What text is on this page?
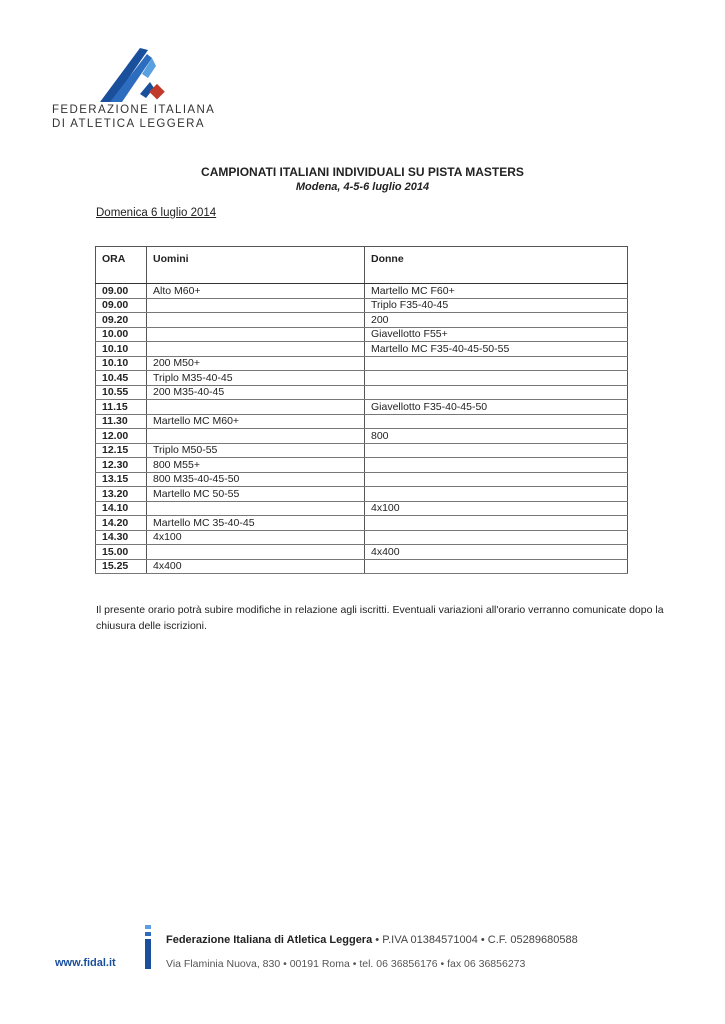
FEDERAZIONE ITALIANA
DI ATLETICA LEGGERA
CAMPIONATI ITALIANI INDIVIDUALI SU PISTA MASTERS
Modena, 4-5-6 luglio 2014
Domenica 6 luglio 2014
ORA	Uomini	Donne
09.00	Alto M60+	Martello MC F60+
09.00		Triplo F35-40-45
09.20		200
10.00		Giavellotto F55+
10.10		Martello MC F35-40-45-50-55
10.10	200 M50+	
10.45	Triplo M35-40-45	
10.55	200 M35-40-45	
11.15		Giavellotto F35-40-45-50
11.30	Martello MC M60+	
12.00		800
12.15	Triplo M50-55	
12.30	800 M55+	
13.15	800 M35-40-45-50	
13.20	Martello MC 50-55	
14.10		4x100
14.20	Martello MC 35-40-45	
14.30	4x100	
15.00		4x400
15.25	4x400	
Il presente orario potrà subire modifiche in relazione agli iscritti. Eventuali variazioni all'orario verranno comunicate dopo la chiusura delle iscrizioni.
www.fidal.it
Federazione Italiana di Atletica Leggera • P.IVA 01384571004 • C.F. 05289680588
Via Flaminia Nuova, 830 • 00191 Roma • tel. 06 36856176 • fax 06 36856273
